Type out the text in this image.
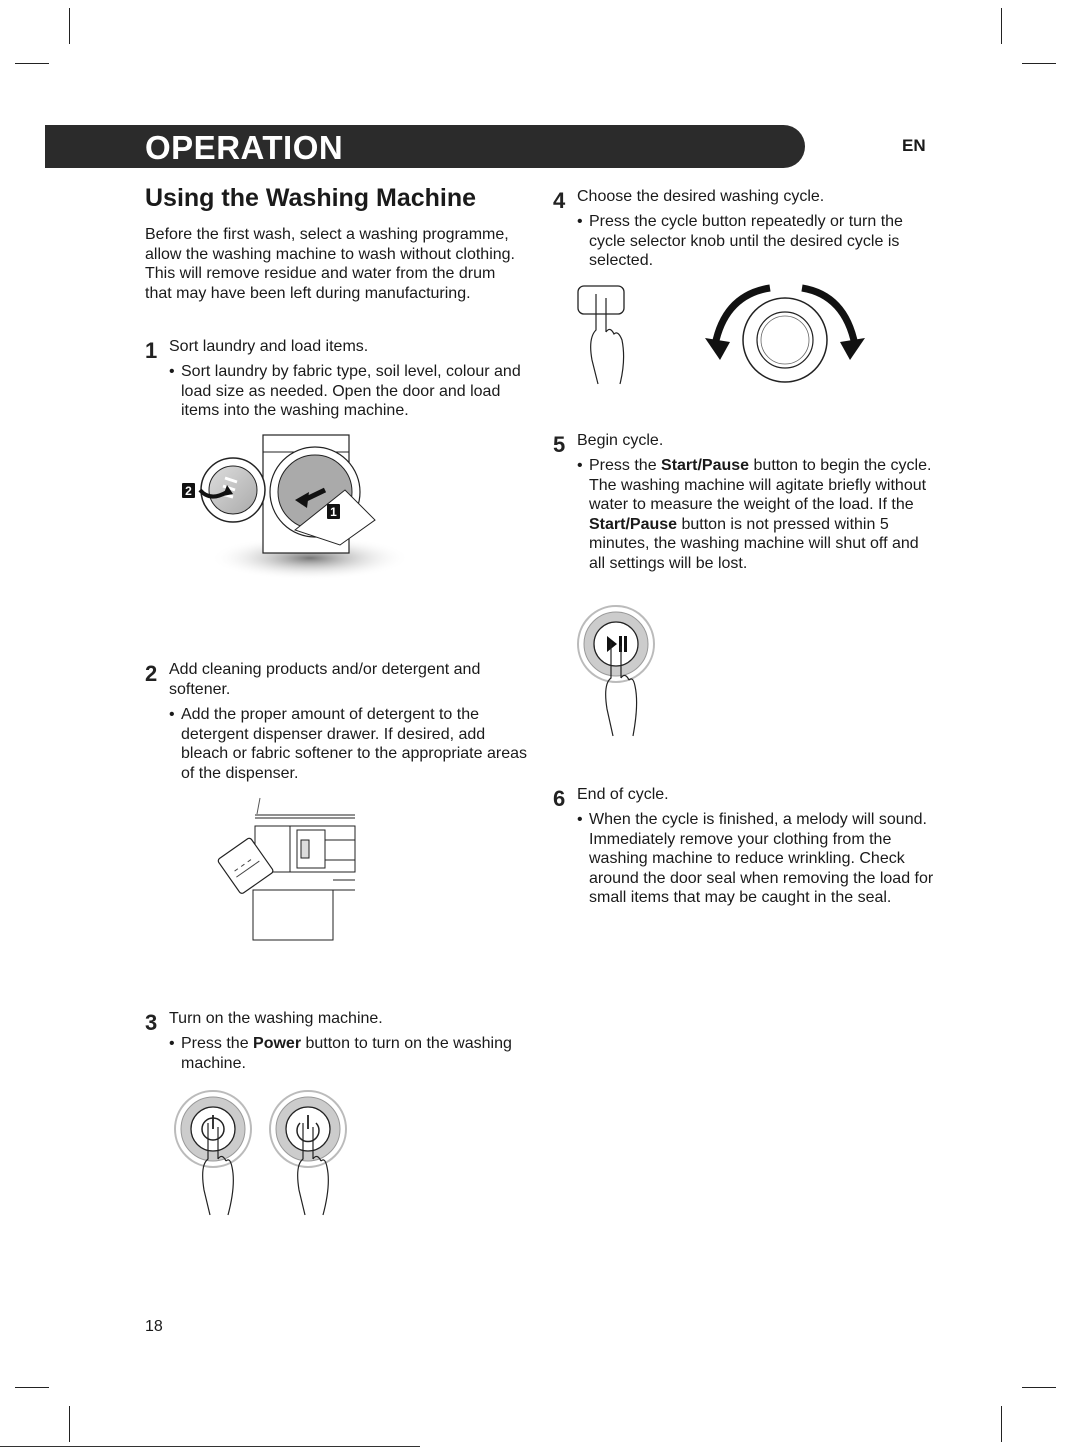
OPERATION	EN
Using the Washing Machine
Before the first wash, select a washing programme, allow the washing machine to wash without clothing. This will remove residue and water from the drum that may have been left during manufacturing.
1 Sort laundry and load items.
• Sort laundry by fabric type, soil level, colour and load size as needed. Open the door and load items into the washing machine.
2
1
2 Add cleaning products and/or detergent and softener.
• Add the proper amount of detergent to the detergent dispenser drawer. If desired, add bleach or fabric softener to the appropriate areas of the dispenser.
3 Turn on the washing machine.
• Press the Power button to turn on the washing machine.
4 Choose the desired washing cycle.
• Press the cycle button repeatedly or turn the cycle selector knob until the desired cycle is selected.
5 Begin cycle.
• Press the Start/Pause button to begin the cycle. The washing machine will agitate briefly without water to measure the weight of the load. If the Start/Pause button is not pressed within 5 minutes, the washing machine will shut off and all settings will be lost.
6 End of cycle.
• When the cycle is finished, a melody will sound. Immediately remove your clothing from the washing machine to reduce wrinkling. Check around the door seal when removing the load for small items that may be caught in the seal.
18
